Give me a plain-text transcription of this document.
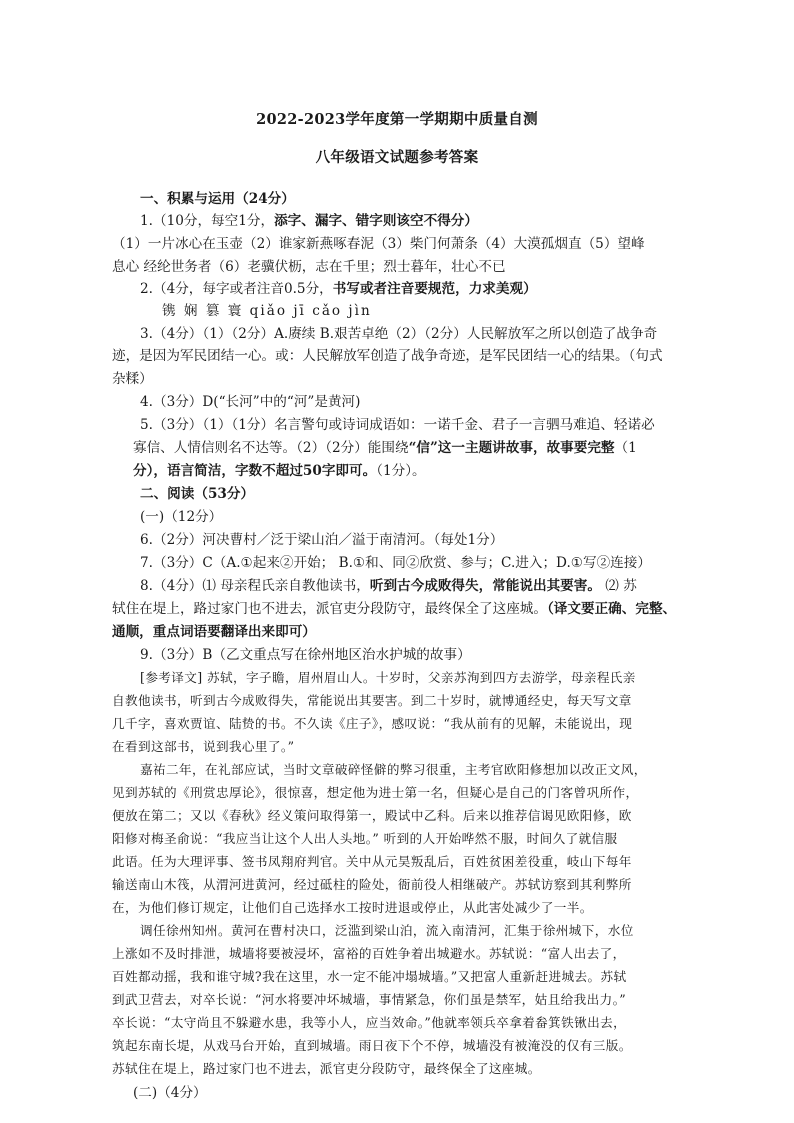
2022-2023学年度第一学期期中质量自测
八年级语文试题参考答案
一、积累与运用（24分）
1.（10分，每空1分，添字、漏字、错字则该空不得分）
（1）一片冰心在玉壶（2）谁家新燕啄春泥（3）柴门何萧条（4）大漠孤烟直（5）望峰
息心 经纶世务者（6）老骥伏枥，志在千里；烈士暮年，壮心不已
2.（4分，每字或者注音0.5分，书写或者注音要规范，力求美观）
镌 娴 篡 寰 qiǎo jī cǎo jìn
3.（4分）（1）（2分）A.赓续 B.艰苦卓绝（2）（2分）人民解放军之所以创造了战争奇
迹，是因为军民团结一心。或：人民解放军创造了战争奇迹，是军民团结一心的结果。（句式
杂糅）
4.（3分）D(“长河”中的“河”是黄河)
5.（3分）（1）（1分）名言警句或诗词成语如：一诺千金、君子一言驷马难追、轻诺必
寡信、人情信则名不达等。（2）（2分）能围绕“信”这一主题讲故事，故事要完整（1
分），语言简洁，字数不超过50字即可。（1分）。
二、阅读（53分）
(一)（12分）
6.（2分）河决曹村／泛于梁山泊／溢于南清河。（每处1分）
7.（3分）C（A.①起来②开始； B.①和、同②欣赏、参与；C.进入；D.①写②连接）
8.（4分）⑴ 母亲程氏亲自教他读书，听到古今成败得失，常能说出其要害。 ⑵ 苏
轼住在堤上，路过家门也不进去，派官吏分段防守，最终保全了这座城。（译文要正确、完整、
通顺，重点词语要翻译出来即可）
9.（3分）B（乙文重点写在徐州地区治水护城的故事）
[参考译文] 苏轼，字子瞻，眉州眉山人。十岁时，父亲苏洵到四方去游学，母亲程氏亲
自教他读书，听到古今成败得失，常能说出其要害。到二十岁时，就博通经史，每天写文章
几千字，喜欢贾谊、陆贽的书。不久读《庄子》，感叹说：“我从前有的见解，未能说出，现
在看到这部书，说到我心里了。”
嘉祐二年，在礼部应试，当时文章破碎怪僻的弊习很重，主考官欧阳修想加以改正文风，
见到苏轼的《刑赏忠厚论》，很惊喜，想定他为进士第一名，但疑心是自己的门客曾巩所作，
便放在第二；又以《春秋》经义策问取得第一，殿试中乙科。后来以推荐信谒见欧阳修，欧
阳修对梅圣俞说：“我应当让这个人出人头地。” 听到的人开始哗然不服，时间久了就信服
此语。任为大理评事、签书凤翔府判官。关中从元昊叛乱后，百姓贫困差役重，岐山下每年
输送南山木筏，从渭河进黄河，经过砥柱的险处，衙前役人相继破产。苏轼访察到其利弊所
在，为他们修订规定，让他们自己选择水工按时进退或停止，从此害处减少了一半。
调任徐州知州。黄河在曹村决口，泛滥到梁山泊，流入南清河，汇集于徐州城下，水位
上涨如不及时排泄，城墙将要被浸坏，富裕的百姓争着出城避水。苏轼说：“富人出去了，
百姓都动摇，我和谁守城?我在这里，水一定不能冲塌城墙。”又把富人重新赶进城去。苏轼
到武卫营去，对卒长说：“河水将要冲坏城墙，事情紧急，你们虽是禁军，姑且给我出力。”
卒长说：“太守尚且不躲避水患，我等小人，应当效命。”他就率领兵卒拿着畚箕铁锹出去，
筑起东南长堤，从戏马台开始，直到城墙。雨日夜下个不停，城墙没有被淹没的仅有三版。
苏轼住在堤上，路过家门也不进去，派官吏分段防守，最终保全了这座城。
(二)（4分）
